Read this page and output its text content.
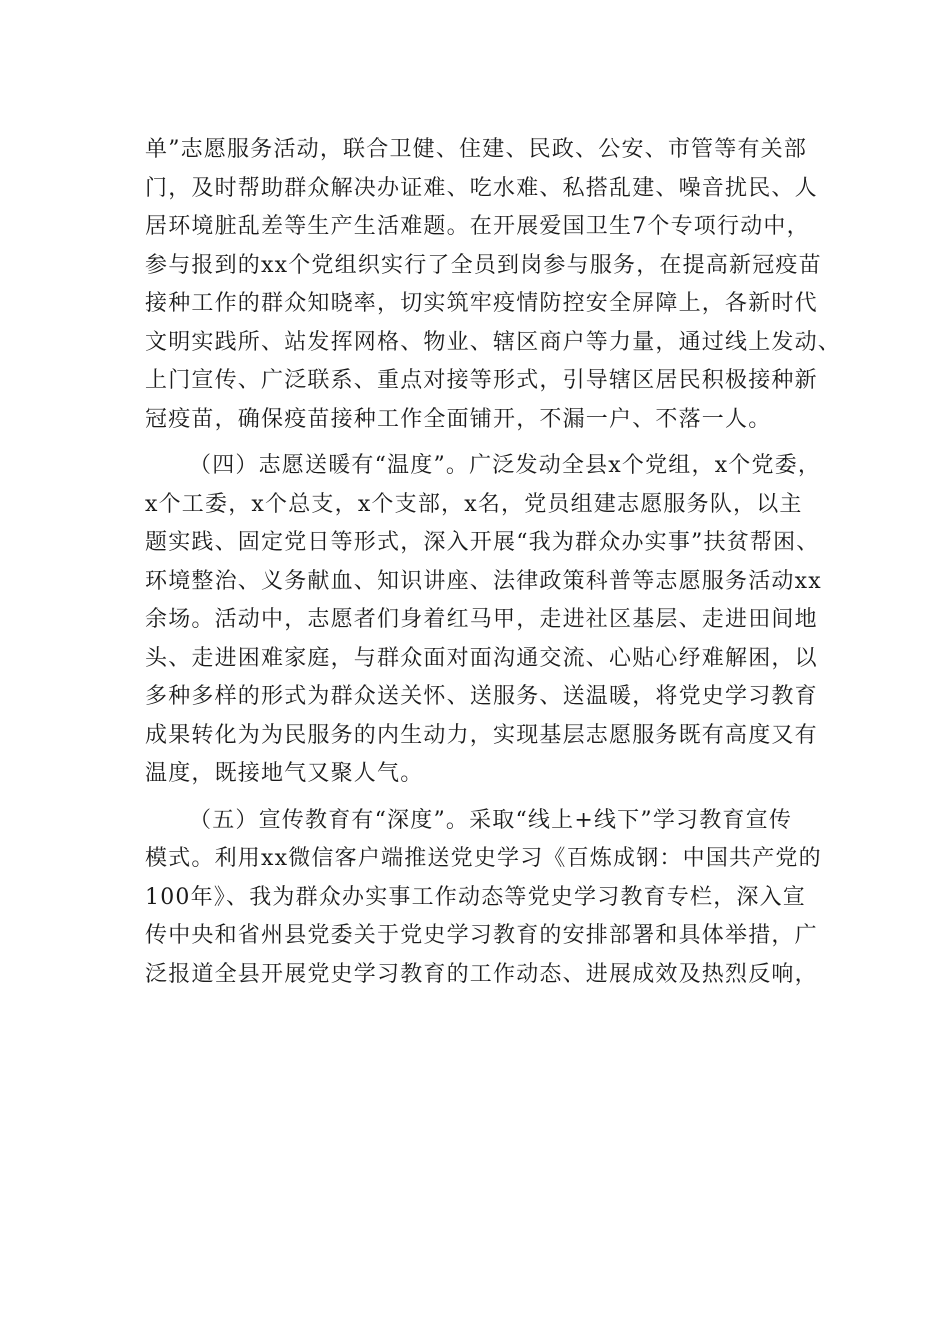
单”志愿服务活动，联合卫健、住建、民政、公安、市管等有关部
门，及时帮助群众解决办证难、吃水难、私搭乱建、噪音扰民、人
居环境脏乱差等生产生活难题。在开展爱国卫生7个专项行动中，
参与报到的xx个党组织实行了全员到岗参与服务，在提高新冠疫苗
接种工作的群众知晓率，切实筑牢疫情防控安全屏障上，各新时代
文明实践所、站发挥网格、物业、辖区商户等力量，通过线上发动、
上门宣传、广泛联系、重点对接等形式，引导辖区居民积极接种新
冠疫苗，确保疫苗接种工作全面铺开，不漏一户、不落一人。
（四）志愿送暖有“温度”。广泛发动全县x个党组，x个党委，
x个工委，x个总支，x个支部，x名，党员组建志愿服务队，以主
题实践、固定党日等形式，深入开展“我为群众办实事”扶贫帮困、
环境整治、义务献血、知识讲座、法律政策科普等志愿服务活动xx
余场。活动中，志愿者们身着红马甲，走进社区基层、走进田间地
头、走进困难家庭，与群众面对面沟通交流、心贴心纾难解困，以
多种多样的形式为群众送关怀、送服务、送温暖，将党史学习教育
成果转化为为民服务的内生动力，实现基层志愿服务既有高度又有
温度，既接地气又聚人气。
（五）宣传教育有“深度”。采取“线上+线下”学习教育宣传
模式。利用xx微信客户端推送党史学习《百炼成钢：中国共产党的
100年》、我为群众办实事工作动态等党史学习教育专栏，深入宣
传中央和省州县党委关于党史学习教育的安排部署和具体举措，广
泛报道全县开展党史学习教育的工作动态、进展成效及热烈反响，
